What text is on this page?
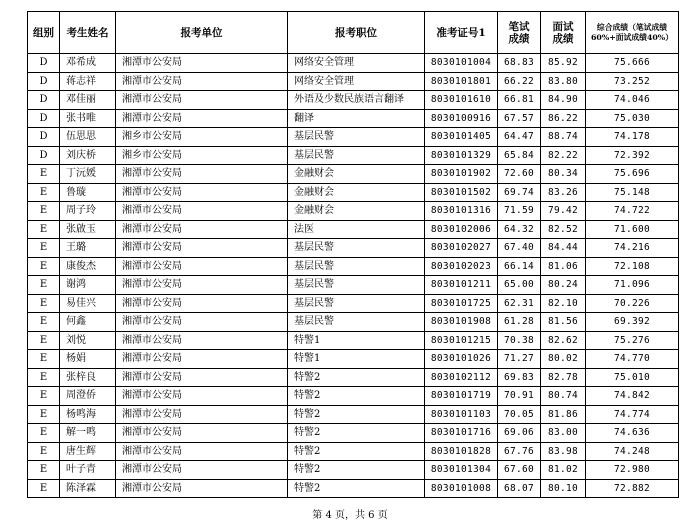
组别	考生姓名	报考单位	报考职位	准考证号1	笔试成绩	面试成绩	综合成绩（笔试成绩60%+面试成绩40%）
D	邓希成	湘潭市公安局	网络安全管理	8030101004	68.83	85.92	75.666
D	蒋志祥	湘潭市公安局	网络安全管理	8030101801	66.22	83.80	73.252
D	邓佳丽	湘潭市公安局	外语及少数民族语言翻译	8030101610	66.81	84.90	74.046
D	张书唯	湘潭市公安局	翻译	8030100916	67.57	86.22	75.030
D	伍思思	湘乡市公安局	基层民警	8030101405	64.47	88.74	74.178
D	刘庆桥	湘乡市公安局	基层民警	8030101329	65.84	82.22	72.392
E	丁沅媛	湘潭市公安局	金融财会	8030101902	72.60	80.34	75.696
E	鲁璇	湘潭市公安局	金融财会	8030101502	69.74	83.26	75.148
E	周子玲	湘潭市公安局	金融财会	8030101316	71.59	79.42	74.722
E	张啟玉	湘潭市公安局	法医	8030102006	64.32	82.52	71.600
E	王璐	湘潭市公安局	基层民警	8030102027	67.40	84.44	74.216
E	康俊杰	湘潭市公安局	基层民警	8030102023	66.14	81.06	72.108
E	谢鸿	湘潭市公安局	基层民警	8030101211	65.00	80.24	71.096
E	易佳兴	湘潭市公安局	基层民警	8030101725	62.31	82.10	70.226
E	何鑫	湘潭市公安局	基层民警	8030101908	61.28	81.56	69.392
E	刘悦	湘潭市公安局	特警1	8030101215	70.38	82.62	75.276
E	杨娟	湘潭市公安局	特警1	8030101026	71.27	80.02	74.770
E	张梓良	湘潭市公安局	特警2	8030102112	69.83	82.78	75.010
E	周澄侨	湘潭市公安局	特警2	8030101719	70.91	80.74	74.842
E	杨鸣海	湘潭市公安局	特警2	8030101103	70.05	81.86	74.774
E	解一鸣	湘潭市公安局	特警2	8030101716	69.06	83.00	74.636
E	唐生辉	湘潭市公安局	特警2	8030101828	67.76	83.98	74.248
E	叶子青	湘潭市公安局	特警2	8030101304	67.60	81.02	72.980
E	陈泽霖	湘潭市公安局	特警2	8030101008	68.07	80.10	72.882
第 4 页，共 6 页
